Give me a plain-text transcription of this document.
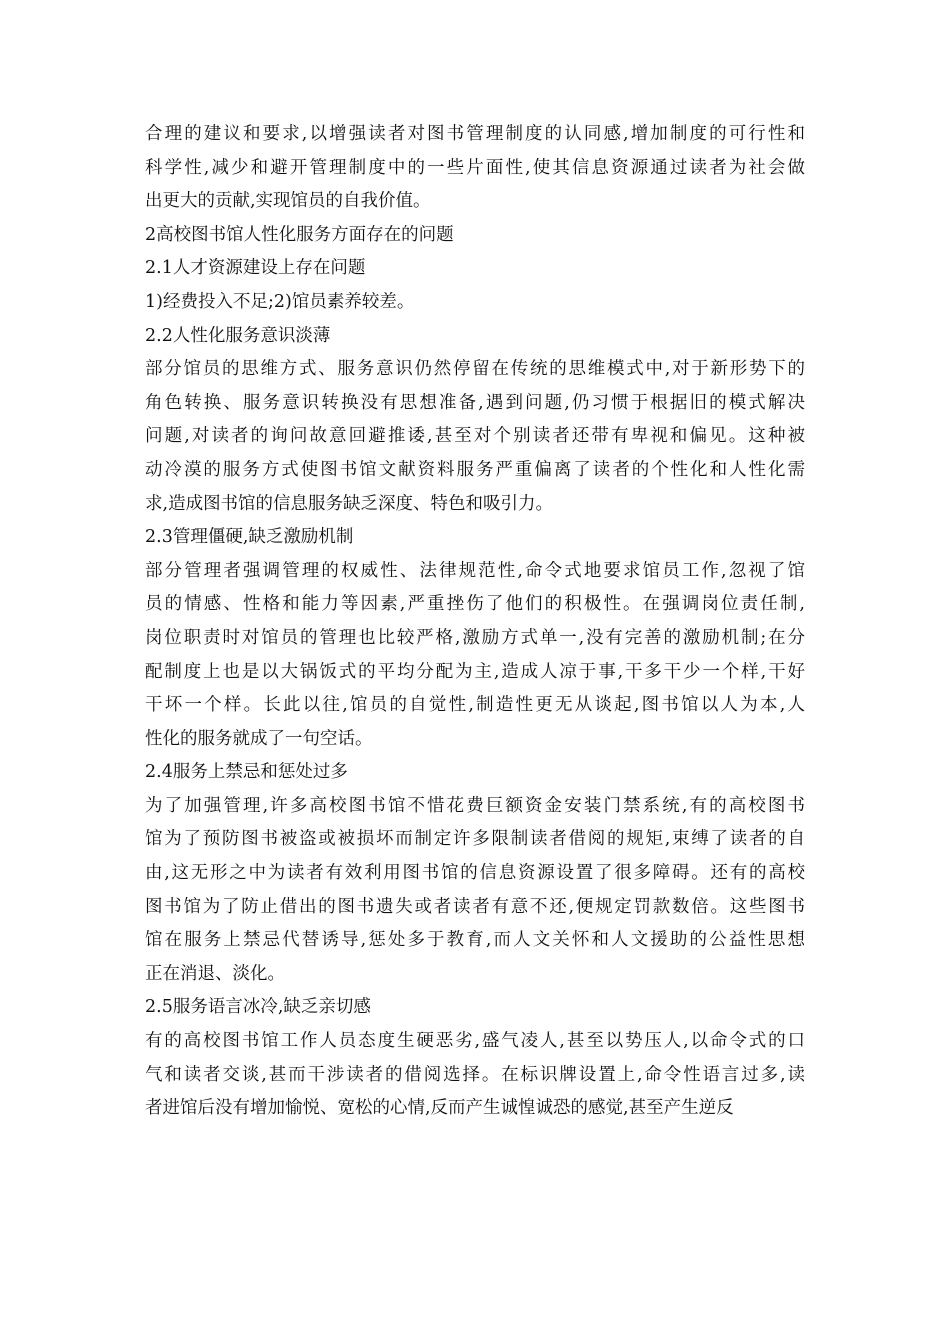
合理的建议和要求,以增强读者对图书管理制度的认同感,增加制度的可行性和
科学性,减少和避开管理制度中的一些片面性,使其信息资源通过读者为社会做
出更大的贡献,实现馆员的自我价值。
2高校图书馆人性化服务方面存在的问题
2.1人才资源建设上存在问题
1)经费投入不足;2)馆员素养较差。
2.2人性化服务意识淡薄
部分馆员的思维方式、服务意识仍然停留在传统的思维模式中,对于新形势下的
角色转换、服务意识转换没有思想准备,遇到问题,仍习惯于根据旧的模式解决
问题,对读者的询问故意回避推诿,甚至对个别读者还带有卑视和偏见。这种被
动冷漠的服务方式使图书馆文献资料服务严重偏离了读者的个性化和人性化需
求,造成图书馆的信息服务缺乏深度、特色和吸引力。
2.3管理僵硬,缺乏激励机制
部分管理者强调管理的权威性、法律规范性,命令式地要求馆员工作,忽视了馆
员的情感、性格和能力等因素,严重挫伤了他们的积极性。在强调岗位责任制,
岗位职责时对馆员的管理也比较严格,激励方式单一,没有完善的激励机制;在分
配制度上也是以大锅饭式的平均分配为主,造成人凉于事,干多干少一个样,干好
干坏一个样。长此以往,馆员的自觉性,制造性更无从谈起,图书馆以人为本,人
性化的服务就成了一句空话。
2.4服务上禁忌和惩处过多
为了加强管理,许多高校图书馆不惜花费巨额资金安装门禁系统,有的高校图书
馆为了预防图书被盗或被损坏而制定许多限制读者借阅的规矩,束缚了读者的自
由,这无形之中为读者有效利用图书馆的信息资源设置了很多障碍。还有的高校
图书馆为了防止借出的图书遗失或者读者有意不还,便规定罚款数倍。这些图书
馆在服务上禁忌代替诱导,惩处多于教育,而人文关怀和人文援助的公益性思想
正在消退、淡化。
2.5服务语言冰冷,缺乏亲切感
有的高校图书馆工作人员态度生硬恶劣,盛气凌人,甚至以势压人,以命令式的口
气和读者交谈,甚而干涉读者的借阅选择。在标识牌设置上,命令性语言过多,读
者进馆后没有增加愉悦、宽松的心情,反而产生诚惶诚恐的感觉,甚至产生逆反
